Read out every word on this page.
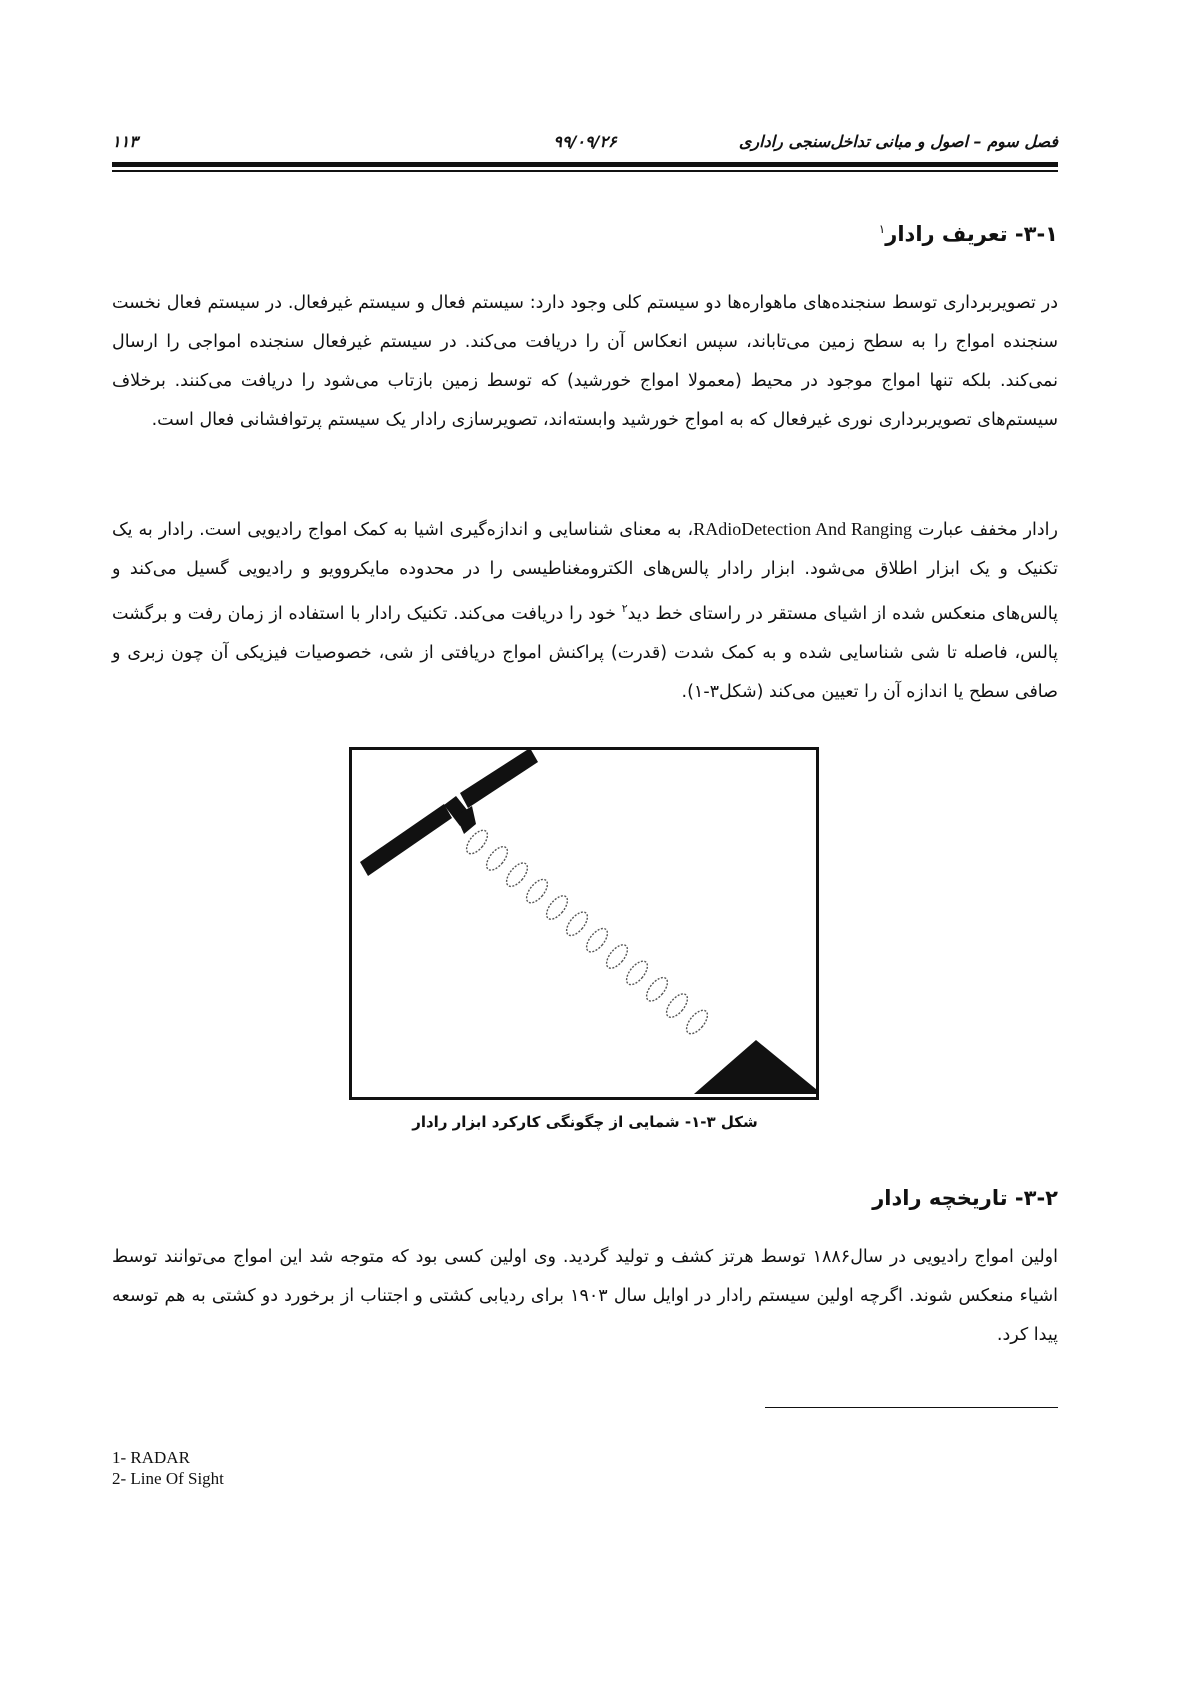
۱۱۳	۹۹/۰۹/۲۶	فصل سوم – اصول و مبانی تداخل‌سنجی راداری
۳-۱- تعریف رادار$^۱$
در تصویربرداری توسط سنجنده‌های ماهواره‌ها دو سیستم کلی وجود دارد: سیستم فعال و سیستم غیرفعال. در سیستم فعال نخست سنجنده امواج را به سطح زمین می‌تاباند، سپس انعکاس آن را دریافت می‌کند. در سیستم غیرفعال سنجنده امواجی را ارسال نمی‌کند. بلکه تنها امواج موجود در محیط (معمولا امواج خورشید) که توسط زمین بازتاب می‌شود را دریافت می‌کنند. برخلاف سیستم‌های تصویربرداری نوری غیرفعال که به امواج خورشید وابسته‌اند، تصویرسازی رادار یک سیستم پرتوافشانی فعال است.
رادار مخفف عبارت RAdioDetection And Ranging، به معنای شناسایی و اندازه‌گیری اشیا به کمک امواج رادیویی است. رادار به یک تکنیک و یک ابزار اطلاق می‌شود. ابزار رادار پالس‌های الکترومغناطیسی را در محدوده مایکروویو و رادیویی گسیل می‌کند و پالس‌های منعکس شده از اشیای مستقر در راستای خط دید$^۲$ خود را دریافت می‌کند. تکنیک رادار با استفاده از زمان رفت و برگشت پالس، فاصله تا شی شناسایی شده و به کمک شدت (قدرت) پراکنش امواج دریافتی از شی، خصوصیات فیزیکی آن چون زبری و صافی سطح یا اندازه آن را تعیین می‌کند (شکل۳-۱).
شکل ۳-۱- شمایی از چگونگی کارکرد ابزار رادار
۳-۲- تاریخچه رادار
اولین امواج رادیویی در سال۱۸۸۶ توسط هرتز کشف و تولید گردید. وی اولین کسی بود که متوجه شد این امواج می‌توانند توسط اشیاء منعکس شوند. اگرچه اولین سیستم رادار در اوایل سال ۱۹۰۳ برای ردیابی کشتی و اجتناب از برخورد دو کشتی به هم توسعه پیدا کرد.
1- RADAR
2- Line Of Sight
